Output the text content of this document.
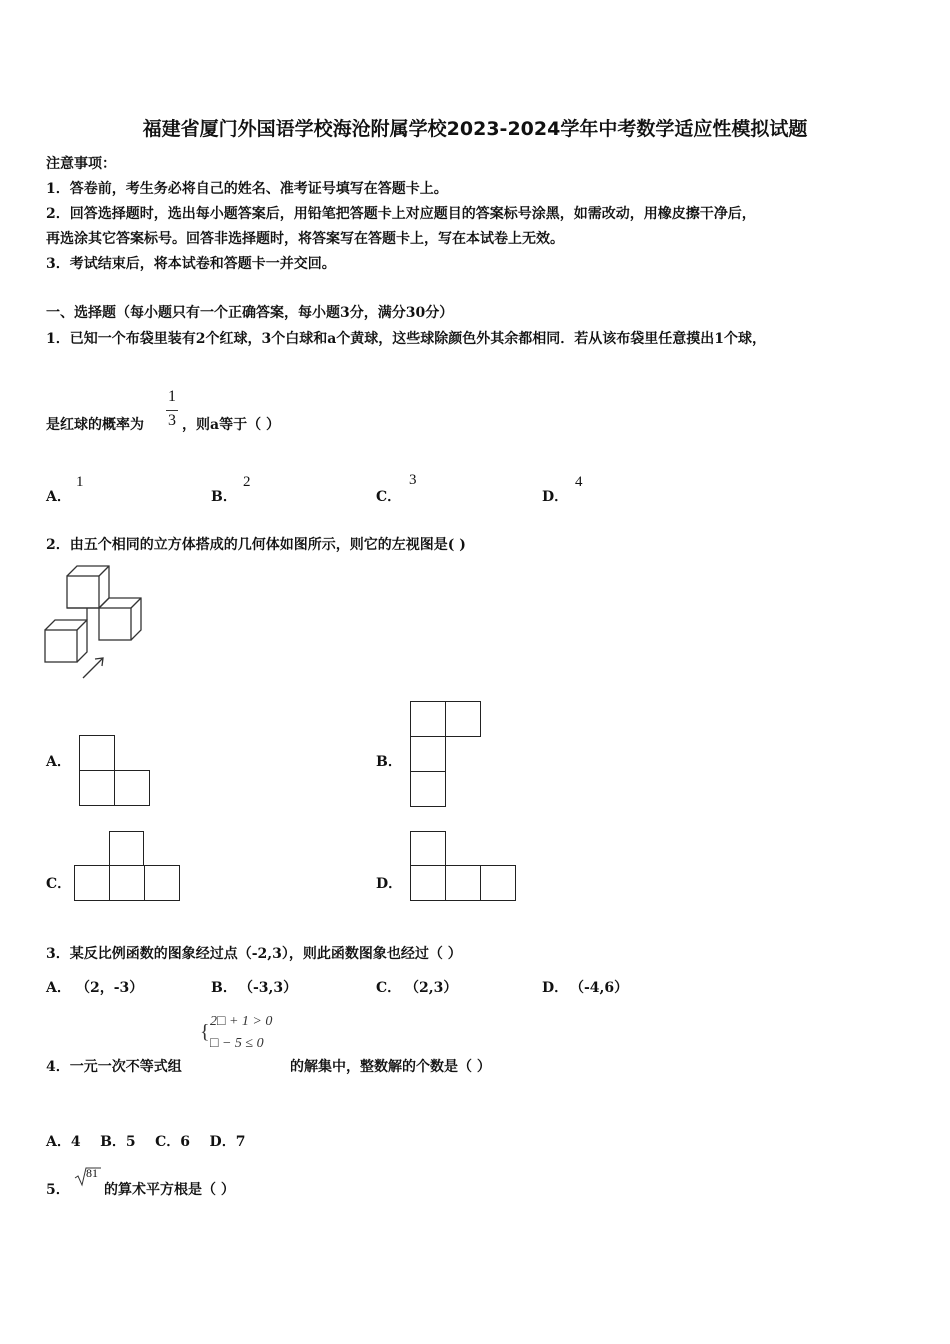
福建省厦门外国语学校海沧附属学校2023-2024学年中考数学适应性模拟试题
注意事项：
1．答卷前，考生务必将自己的姓名、准考证号填写在答题卡上。
2．回答选择题时，选出每小题答案后，用铅笔把答题卡上对应题目的答案标号涂黑，如需改动，用橡皮擦干净后，
再选涂其它答案标号。回答非选择题时，将答案写在答题卡上，写在本试卷上无效。
3．考试结束后，将本试卷和答题卡一并交回。
一、选择题（每小题只有一个正确答案，每小题3分，满分30分）
1．已知一个布袋里装有2个红球，3个白球和a个黄球，这些球除颜色外其余都相同．若从该布袋里任意摸出1个球，
是红球的概率为
1
3 ，则a等于（ ）
A．
1
B．
2
C．
3
D．
4
2．由五个相同的立方体搭成的几何体如图所示，则它的左视图是( )
A．	B．
C．	D．
3．某反比例函数的图象经过点（-2,3），则此函数图象也经过（ ）
A． （2，-3）	B． （-3,3）	C． （2,3）	D． （-4,6）
4．一元一次不等式组
{ 2□ + 1 > 0
□ − 5 ≤ 0
的解集中，整数解的个数是（ ）
A．4    B．5    C．6    D．7
5．
81
的算术平方根是（ ）
